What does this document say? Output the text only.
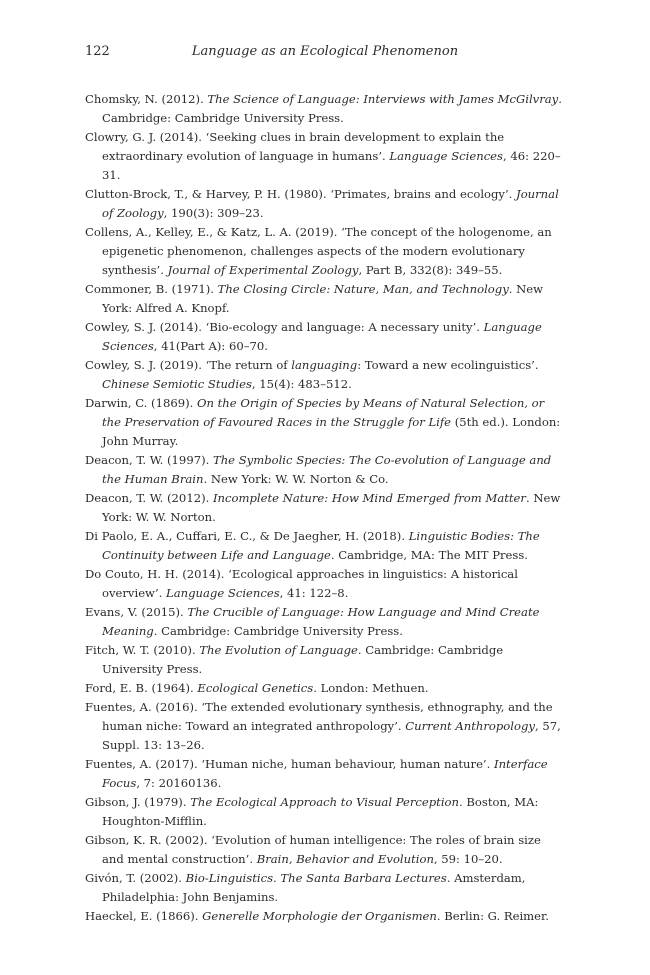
122	Language as an Ecological Phenomenon

Chomsky, N. (2012). The Science of Language: Interviews with James McGilvray. Cambridge: Cambridge University Press.

Clowry, G. J. (2014). ‘Seeking clues in brain development to explain the extraordinary evolution of language in humans’. Language Sciences, 46: 220–31.

Clutton-Brock, T., & Harvey, P. H. (1980). ‘Primates, brains and ecology’. Journal of Zoology, 190(3): 309–23.

Collens, A., Kelley, E., & Katz, L. A. (2019). ‘The concept of the hologenome, an epigenetic phenomenon, challenges aspects of the modern evolutionary synthesis’. Journal of Experimental Zoology, Part B, 332(8): 349–55.

Commoner, B. (1971). The Closing Circle: Nature, Man, and Technology. New York: Alfred A. Knopf.

Cowley, S. J. (2014). ‘Bio-ecology and language: A necessary unity’. Language Sciences, 41(Part A): 60–70.

Cowley, S. J. (2019). ‘The return of languaging: Toward a new ecolinguistics’. Chinese Semiotic Studies, 15(4): 483–512.

Darwin, C. (1869). On the Origin of Species by Means of Natural Selection, or the Preservation of Favoured Races in the Struggle for Life (5th ed.). London: John Murray.

Deacon, T. W. (1997). The Symbolic Species: The Co-evolution of Language and the Human Brain. New York: W. W. Norton & Co.

Deacon, T. W. (2012). Incomplete Nature: How Mind Emerged from Matter. New York: W. W. Norton.

Di Paolo, E. A., Cuffari, E. C., & De Jaegher, H. (2018). Linguistic Bodies: The Continuity between Life and Language. Cambridge, MA: The MIT Press.

Do Couto, H. H. (2014). ‘Ecological approaches in linguistics: A historical overview’. Language Sciences, 41: 122–8.

Evans, V. (2015). The Crucible of Language: How Language and Mind Create Meaning. Cambridge: Cambridge University Press.

Fitch, W. T. (2010). The Evolution of Language. Cambridge: Cambridge University Press.

Ford, E. B. (1964). Ecological Genetics. London: Methuen.

Fuentes, A. (2016). ‘The extended evolutionary synthesis, ethnography, and the human niche: Toward an integrated anthropology’. Current Anthropology, 57, Suppl. 13: 13–26.

Fuentes, A. (2017). ‘Human niche, human behaviour, human nature’. Interface Focus, 7: 20160136.

Gibson, J. (1979). The Ecological Approach to Visual Perception. Boston, MA: Houghton-Mifflin.

Gibson, K. R. (2002). ‘Evolution of human intelligence: The roles of brain size and mental construction’. Brain, Behavior and Evolution, 59: 10–20.

Givón, T. (2002). Bio-Linguistics. The Santa Barbara Lectures. Amsterdam, Philadelphia: John Benjamins.

Haeckel, E. (1866). Generelle Morphologie der Organismen. Berlin: G. Reimer.
